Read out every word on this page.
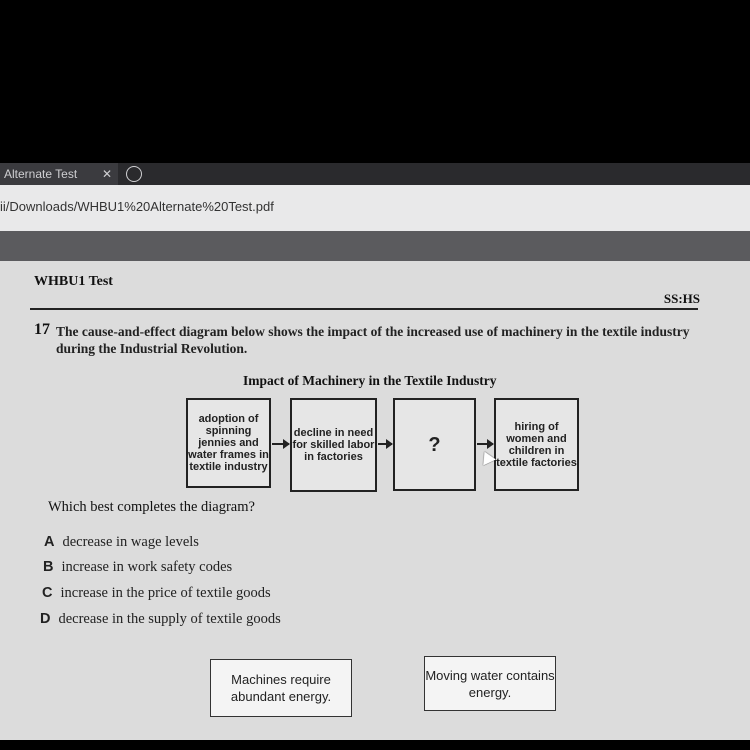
Alternate Test ✕
ii/Downloads/WHBU1%20Alternate%20Test.pdf
WHBU1 Test
SS:HS
17 The cause-and-effect diagram below shows the impact of the increased use of machinery in the textile industry during the Industrial Revolution.
Impact of Machinery in the Textile Industry
adoption of spinning jennies and water frames in textile industry
decline in need for skilled labor in factories
?
hiring of women and children in textile factories
Which best completes the diagram?
A decrease in wage levels
B increase in work safety codes
C increase in the price of textile goods
D decrease in the supply of textile goods
Machines require abundant energy.
Moving water contains energy.
